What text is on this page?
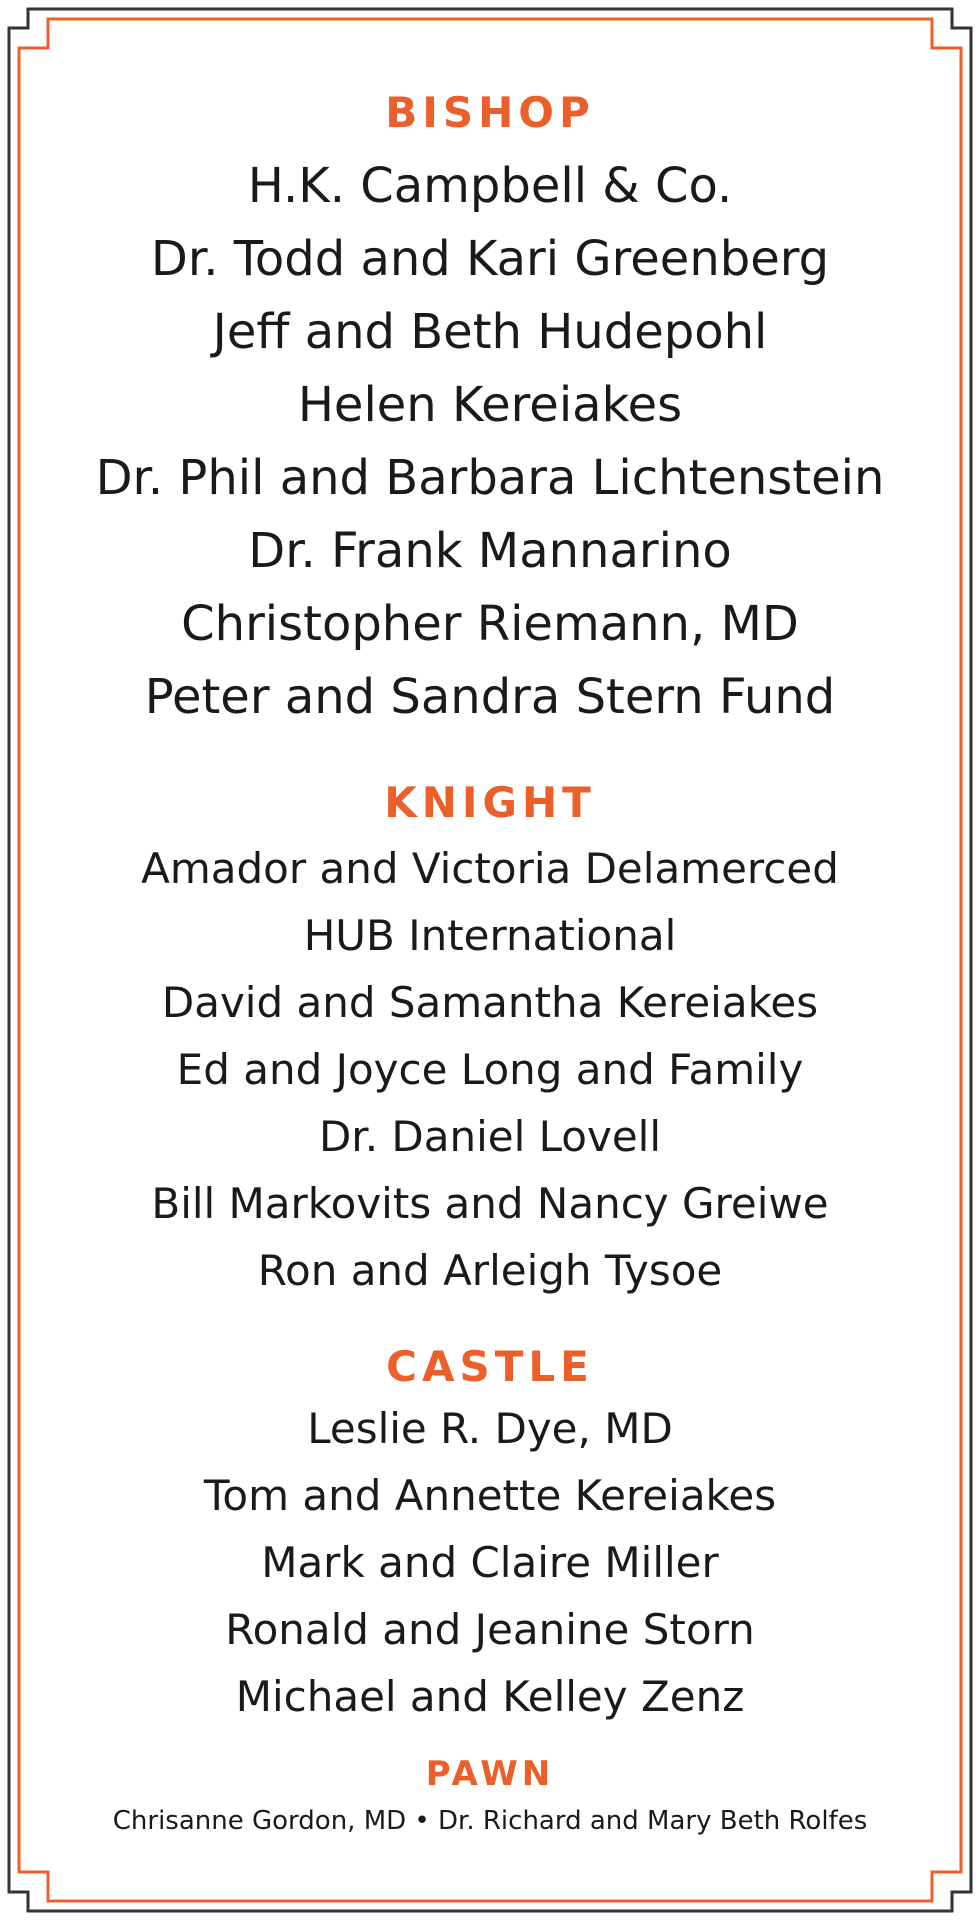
BISHOP
H.K. Campbell & Co.
Dr. Todd and Kari Greenberg
Jeff and Beth Hudepohl
Helen Kereiakes
Dr. Phil and Barbara Lichtenstein
Dr. Frank Mannarino
Christopher Riemann, MD
Peter and Sandra Stern Fund
KNIGHT
Amador and Victoria Delamerced
HUB International
David and Samantha Kereiakes
Ed and Joyce Long and Family
Dr. Daniel Lovell
Bill Markovits and Nancy Greiwe
Ron and Arleigh Tysoe
CASTLE
Leslie R. Dye, MD
Tom and Annette Kereiakes
Mark and Claire Miller
Ronald and Jeanine Storn
Michael and Kelley Zenz
PAWN
Chrisanne Gordon, MD • Dr. Richard and Mary Beth Rolfes
